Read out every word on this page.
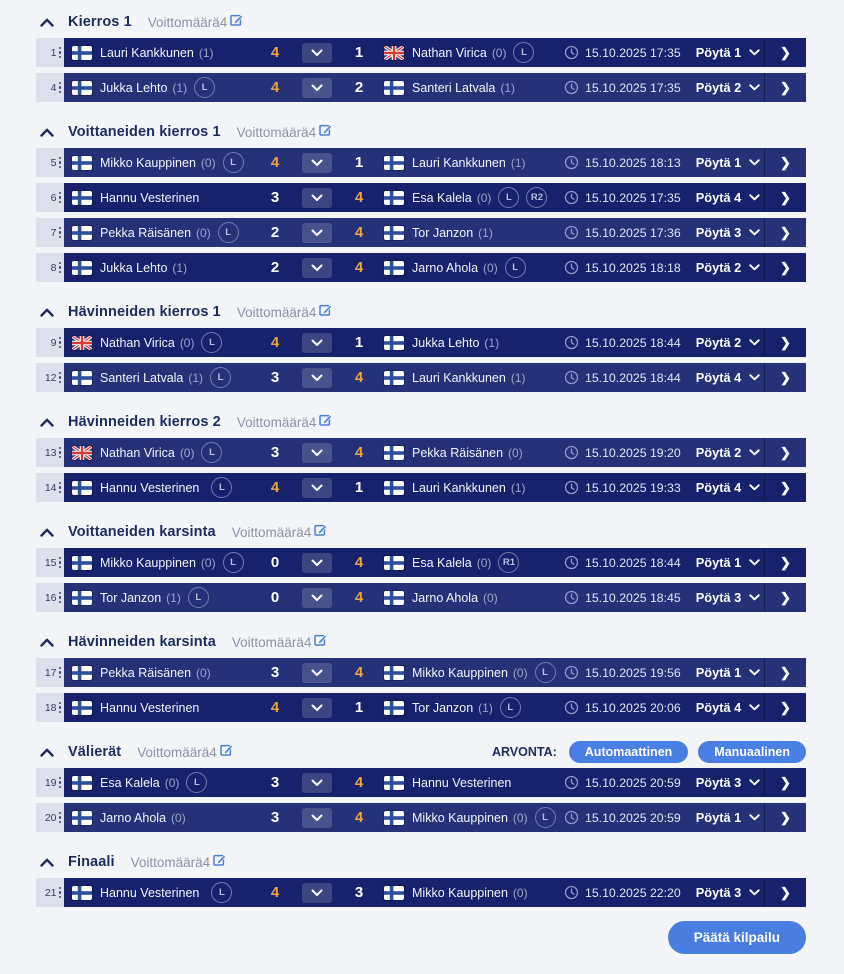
Kierros 1 Voittomäärä4
1	Lauri Kankkunen (1)	4	1	Nathan Virica (0)	L	15.10.2025 17:35 Pöytä 1	❯
4	Jukka Lehto (1)	L	4	2	Santeri Latvala (1)	15.10.2025 17:35 Pöytä 2	❯
Voittaneiden kierros 1 Voittomäärä4
5	Mikko Kauppinen (0)	L	4	1	Lauri Kankkunen (1)	15.10.2025 18:13 Pöytä 1	❯
6	Hannu Vesterinen	3	4	Esa Kalela (0)	L	R2	15.10.2025 17:35 Pöytä 4	❯
7	Pekka Räisänen (0)	L	2	4	Tor Janzon (1)	15.10.2025 17:36 Pöytä 3	❯
8	Jukka Lehto (1)	2	4	Jarno Ahola (0)	L	15.10.2025 18:18 Pöytä 2	❯
Hävinneiden kierros 1 Voittomäärä4
9	Nathan Virica (0)	L	4	1	Jukka Lehto (1)	15.10.2025 18:44 Pöytä 2	❯
12	Santeri Latvala (1)	L	3	4	Lauri Kankkunen (1)	15.10.2025 18:44 Pöytä 4	❯
Hävinneiden kierros 2 Voittomäärä4
13	Nathan Virica (0)	L	3	4	Pekka Räisänen (0)	15.10.2025 19:20 Pöytä 2	❯
14	Hannu Vesterinen	L	4	1	Lauri Kankkunen (1)	15.10.2025 19:33 Pöytä 4	❯
Voittaneiden karsinta Voittomäärä4
15	Mikko Kauppinen (0)	L	0	4	Esa Kalela (0)	R1	15.10.2025 18:44 Pöytä 1	❯
16	Tor Janzon (1)	L	0	4	Jarno Ahola (0)	15.10.2025 18:45 Pöytä 3	❯
Hävinneiden karsinta Voittomäärä4
17	Pekka Räisänen (0)	3	4	Mikko Kauppinen (0)	L	15.10.2025 19:56 Pöytä 1	❯
18	Hannu Vesterinen	4	1	Tor Janzon (1)	L	15.10.2025 20:06 Pöytä 4	❯
Välierät Voittomäärä4	ARVONTA:	Automaattinen	Manuaalinen
19	Esa Kalela (0)	L	3	4	Hannu Vesterinen	15.10.2025 20:59 Pöytä 3	❯
20	Jarno Ahola (0)	3	4	Mikko Kauppinen (0)	L	15.10.2025 20:59 Pöytä 1	❯
Finaali Voittomäärä4
21	Hannu Vesterinen	L	4	3	Mikko Kauppinen (0)	15.10.2025 22:20 Pöytä 3	❯
Päätä kilpailu
